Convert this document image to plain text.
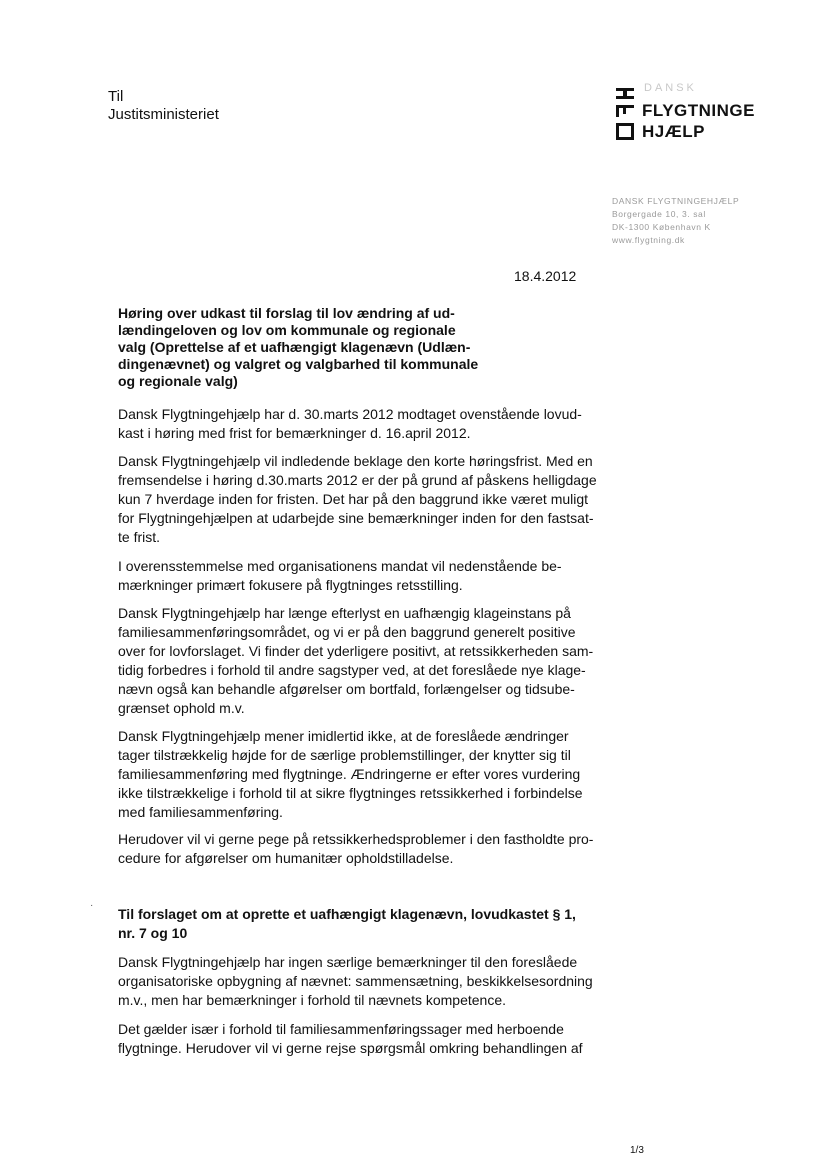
Til
Justitsministeriet
DANSK
FLYGTNINGE
HJÆLP
DANSK FLYGTNINGEHJÆLP
Borgergade 10, 3. sal
DK-1300 København K
www.flygtning.dk
18.4.2012
Høring over udkast til forslag til lov ændring af ud-
lændingeloven og lov om kommunale og regionale
valg (Oprettelse af et uafhængigt klagenævn (Udlæn-
dingenævnet) og valgret og valgbarhed til kommunale
og regionale valg)
Dansk Flygtningehjælp har d. 30.marts 2012 modtaget ovenstående lovud-
kast i høring med frist for bemærkninger d. 16.april 2012.
Dansk Flygtningehjælp vil indledende beklage den korte høringsfrist. Med en
fremsendelse i høring d.30.marts 2012 er der på grund af påskens helligdage
kun 7 hverdage inden for fristen. Det har på den baggrund ikke været muligt
for Flygtningehjælpen at udarbejde sine bemærkninger inden for den fastsat-
te frist.
I overensstemmelse med organisationens mandat vil nedenstående be-
mærkninger primært fokusere på flygtninges retsstilling.
Dansk Flygtningehjælp har længe efterlyst en uafhængig klageinstans på
familiesammenføringsområdet, og vi er på den baggrund generelt positive
over for lovforslaget. Vi finder det yderligere positivt, at retssikkerheden sam-
tidig forbedres i forhold til andre sagstyper ved, at det foreslåede nye klage-
nævn også kan behandle afgørelser om bortfald, forlængelser og tidsube-
grænset ophold m.v.
Dansk Flygtningehjælp mener imidlertid ikke, at de foreslåede ændringer
tager tilstrækkelig højde for de særlige problemstillinger, der knytter sig til
familiesammenføring med flygtninge. Ændringerne er efter vores vurdering
ikke tilstrækkelige i forhold til at sikre flygtninges retssikkerhed i forbindelse
med familiesammenføring.
Herudover vil vi gerne pege på retssikkerhedsproblemer i den fastholdte pro-
cedure for afgørelser om humanitær opholdstilladelse.
·
Til forslaget om at oprette et uafhængigt klagenævn, lovudkastet § 1,
nr. 7 og 10
Dansk Flygtningehjælp har ingen særlige bemærkninger til den foreslåede
organisatoriske opbygning af nævnet: sammensætning, beskikkelsesordning
m.v., men har bemærkninger i forhold til nævnets kompetence.
Det gælder især i forhold til familiesammenføringssager med herboende
flygtninge. Herudover vil vi gerne rejse spørgsmål omkring behandlingen af
1/3
